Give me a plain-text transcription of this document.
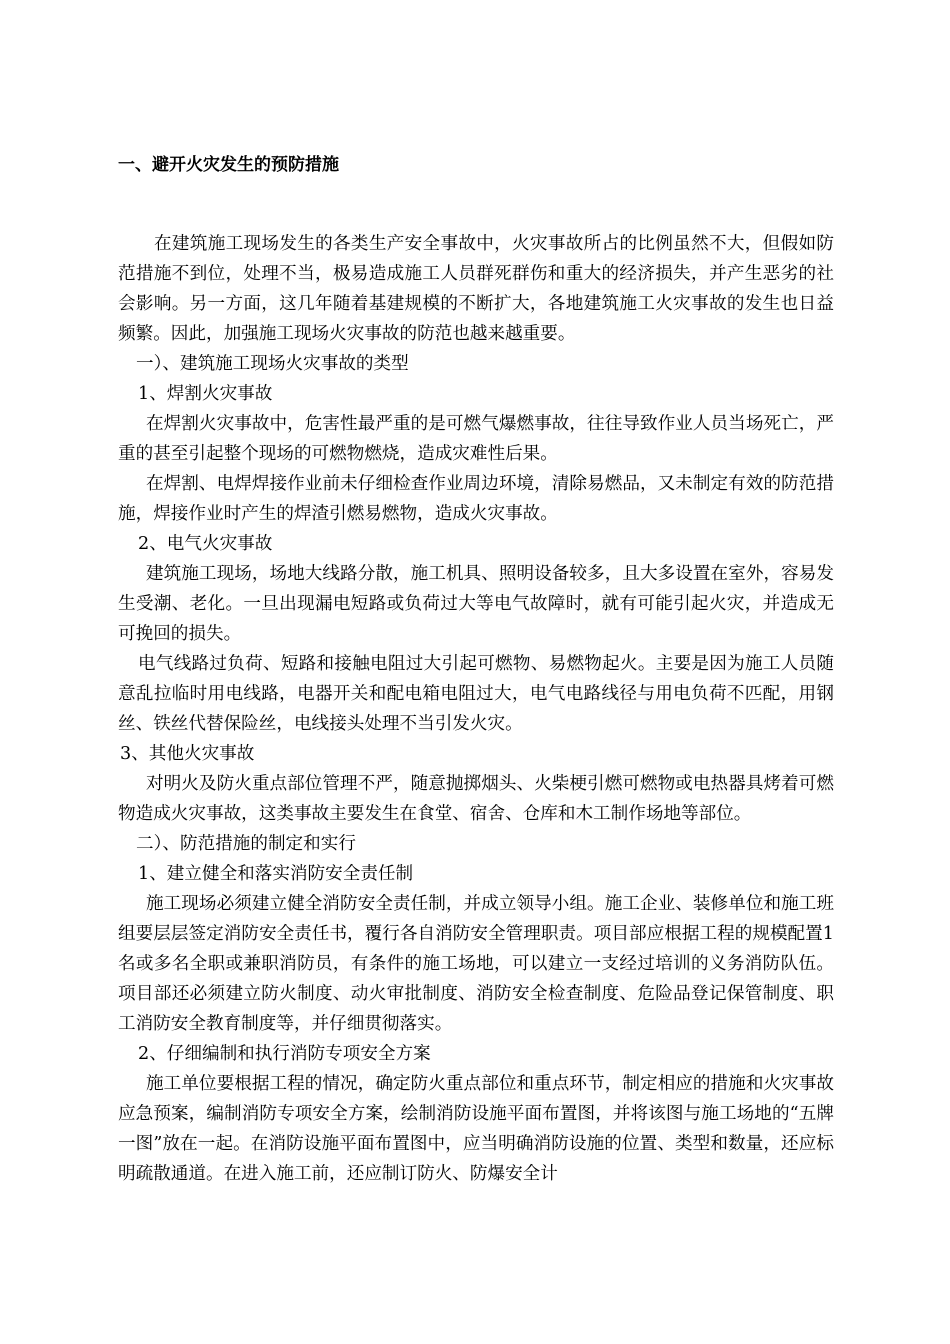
一、避开火灾发生的预防措施

在建筑施工现场发生的各类生产安全事故中，火灾事故所占的比例虽然不大，但假如防范措施不到位，处理不当，极易造成施工人员群死群伤和重大的经济损失，并产生恶劣的社会影响。另一方面，这几年随着基建规模的不断扩大，各地建筑施工火灾事故的发生也日益频繁。因此，加强施工现场火灾事故的防范也越来越重要。

一）、建筑施工现场火灾事故的类型

1、焊割火灾事故

在焊割火灾事故中，危害性最严重的是可燃气爆燃事故，往往导致作业人员当场死亡，严重的甚至引起整个现场的可燃物燃烧，造成灾难性后果。

在焊割、电焊焊接作业前未仔细检查作业周边环境，清除易燃品，又未制定有效的防范措施，焊接作业时产生的焊渣引燃易燃物，造成火灾事故。

2、电气火灾事故

建筑施工现场，场地大线路分散，施工机具、照明设备较多，且大多设置在室外，容易发生受潮、老化。一旦出现漏电短路或负荷过大等电气故障时，就有可能引起火灾，并造成无可挽回的损失。

电气线路过负荷、短路和接触电阻过大引起可燃物、易燃物起火。主要是因为施工人员随意乱拉临时用电线路，电器开关和配电箱电阻过大，电气电路线径与用电负荷不匹配，用钢丝、铁丝代替保险丝，电线接头处理不当引发火灾。

3、其他火灾事故

对明火及防火重点部位管理不严，随意抛掷烟头、火柴梗引燃可燃物或电热器具烤着可燃物造成火灾事故，这类事故主要发生在食堂、宿舍、仓库和木工制作场地等部位。

二）、防范措施的制定和实行

1、建立健全和落实消防安全责任制

施工现场必须建立健全消防安全责任制，并成立领导小组。施工企业、装修单位和施工班组要层层签定消防安全责任书，覆行各自消防安全管理职责。项目部应根据工程的规模配置1名或多名全职或兼职消防员，有条件的施工场地，可以建立一支经过培训的义务消防队伍。项目部还必须建立防火制度、动火审批制度、消防安全检查制度、危险品登记保管制度、职工消防安全教育制度等，并仔细贯彻落实。

2、仔细编制和执行消防专项安全方案

施工单位要根据工程的情况，确定防火重点部位和重点环节，制定相应的措施和火灾事故应急预案，编制消防专项安全方案，绘制消防设施平面布置图，并将该图与施工场地的“五牌一图”放在一起。在消防设施平面布置图中，应当明确消防设施的位置、类型和数量，还应标明疏散通道。在进入施工前，还应制订防火、防爆安全计
